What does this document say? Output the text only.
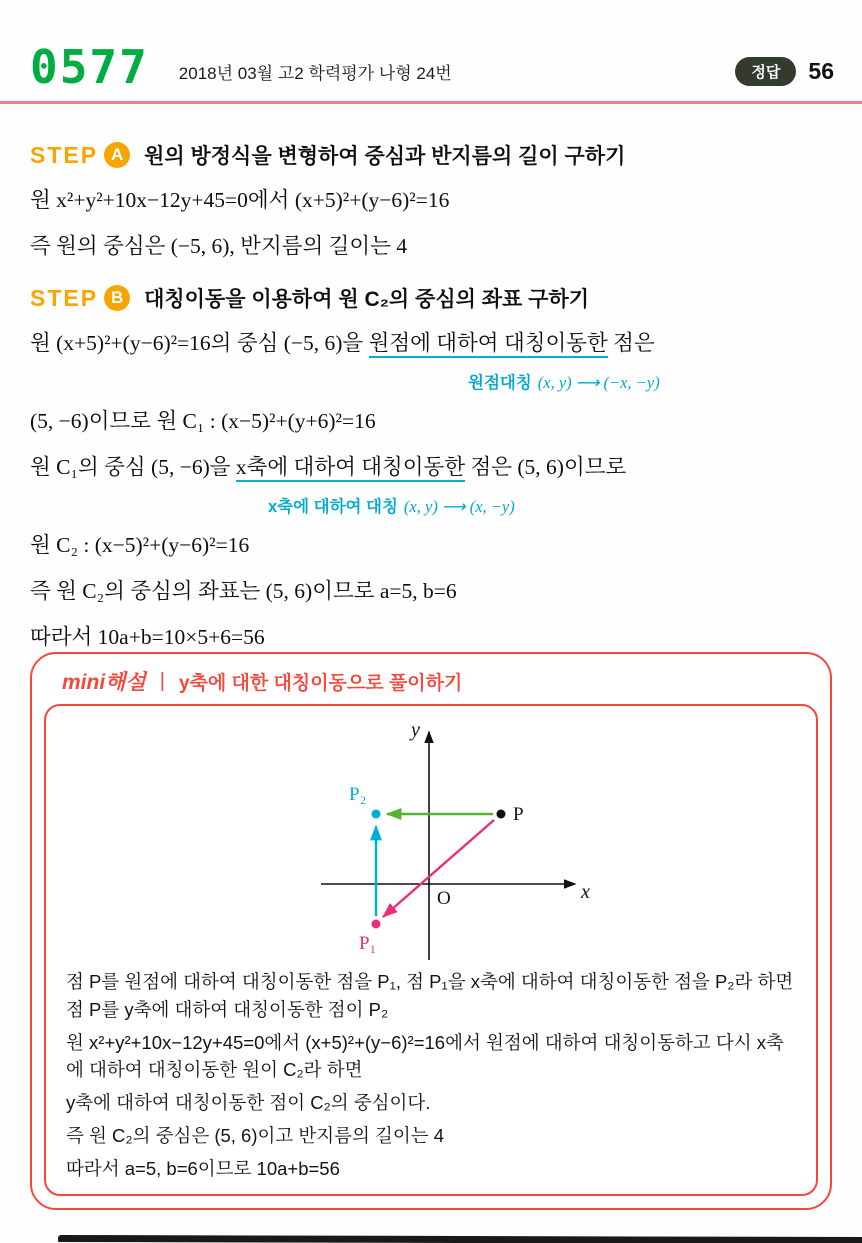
0577 2018년 03월 고2 학력평가 나형 24번	정답	56
STEP A 원의 방정식을 변형하여 중심과 반지름의 길이 구하기

원 x²+y²+10x−12y+45=0에서 (x+5)²+(y−6)²=16

즉 원의 중심은 (−5, 6), 반지름의 길이는 4

STEP B 대칭이동을 이용하여 원 C₂의 중심의 좌표 구하기

원 (x+5)²+(y−6)²=16의 중심 (−5, 6)을 원점에 대하여 대칭이동한 점은

원점대칭 (x, y) ⟶ (−x, −y)

(5, −6)이므로 원 C₁ : (x−5)²+(y+6)²=16

원 C₁의 중심 (5, −6)을 x축에 대하여 대칭이동한 점은 (5, 6)이므로

x축에 대하여 대칭 (x, y) ⟶ (x, −y)

원 C₂ : (x−5)²+(y−6)²=16

즉 원 C₂의 중심의 좌표는 (5, 6)이므로 a=5, b=6

따라서 10a+b=10×5+6=56

mini해설 | y축에 대한 대칭이동으로 풀이하기
y
x
O
P
P₂
P₁

점 P를 원점에 대하여 대칭이동한 점을 P₁, 점 P₁을 x축에 대하여 대칭이동한 점을 P₂라 하면 점 P를 y축에 대하여 대칭이동한 점이 P₂

원 x²+y²+10x−12y+45=0에서 (x+5)²+(y−6)²=16에서 원점에 대하여 대칭이동하고 다시 x축에 대하여 대칭이동한 원이 C₂라 하면

y축에 대하여 대칭이동한 점이 C₂의 중심이다.

즉 원 C₂의 중심은 (5, 6)이고 반지름의 길이는 4

따라서 a=5, b=6이므로 10a+b=56
